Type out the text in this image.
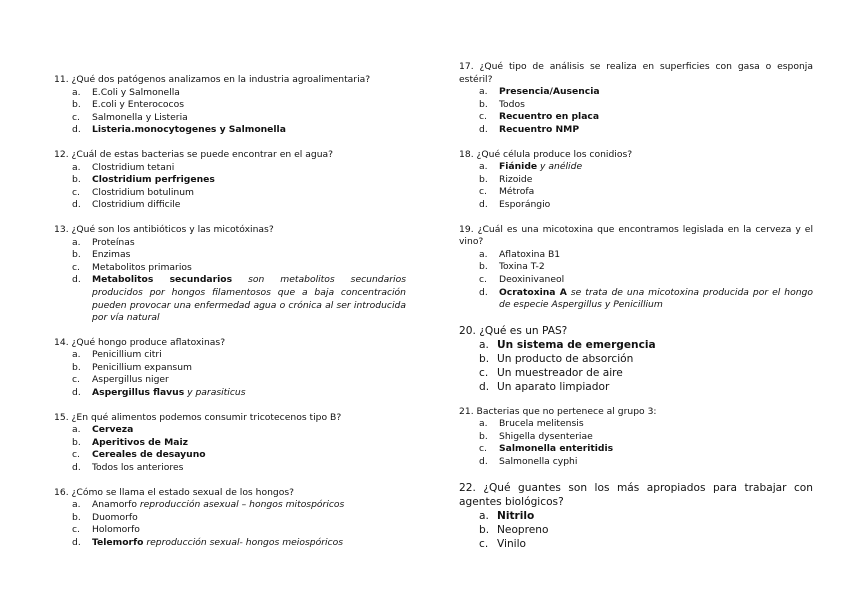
11. ¿Qué dos patógenos analizamos en la industria agroalimentaria?
a.	E.Coli y Salmonella
b.	E.coli y Enterococos
c.	Salmonella y Listeria
d.	Listeria.monocytogenes y Salmonella
12. ¿Cuál de estas bacterias se puede encontrar en el agua?
a.	Clostridium tetani
b.	Clostridium perfrigenes
c.	Clostridium botulinum
d.	Clostridium difficile
13. ¿Qué son los antibióticos y las micotóxinas?
a.	Proteínas
b.	Enzimas
c.	Metabolitos primarios
d.	Metabolitos secundarios son metabolitos secundarios producidos por hongos filamentosos que a baja concentración pueden provocar una enfermedad agua o crónica al ser introducida por vía natural
14. ¿Qué hongo produce aflatoxinas?
a.	Penicillium citri
b.	Penicillium expansum
c.	Aspergillus niger
d.	Aspergillus flavus y parasiticus
15. ¿En qué alimentos podemos consumir tricotecenos tipo B?
a.	Cerveza
b.	Aperitivos de Maiz
c.	Cereales de desayuno
d.	Todos los anteriores
16. ¿Cómo se llama el estado sexual de los hongos?
a.	Anamorfo reproducción asexual – hongos mitospóricos
b.	Duomorfo
c.	Holomorfo
d.	Telemorfo reproducción sexual- hongos meiospóricos
17. ¿Qué tipo de análisis se realiza en superficies con gasa o esponja estéril?
a.	Presencia/Ausencia
b.	Todos
c.	Recuentro en placa
d.	Recuentro NMP
18. ¿Qué célula produce los conidios?
a.	Fiánide y anélide
b.	Rizoide
c.	Métrofa
d.	Esporángio
19. ¿Cuál es una micotoxina que encontramos legislada en la cerveza y el vino?
a.	Aflatoxina B1
b.	Toxina T-2
c.	Deoxinivaneol
d.	Ocratoxina A se trata de una micotoxina producida por el hongo de especie Aspergillus y Penicillium
20. ¿Qué es un PAS?
a. Un sistema de emergencia
b. Un producto de absorción
c. Un muestreador de aire
d. Un aparato limpiador
21. Bacterias que no pertenece al grupo 3:
a.	Brucela melitensis
b.	Shigella dysenteriae
c.	Salmonella enteritidis
d.	Salmonella cyphi
22. ¿Qué guantes son los más apropiados para trabajar con agentes biológicos?
a. Nitrilo
b. Neopreno
c. Vinilo
